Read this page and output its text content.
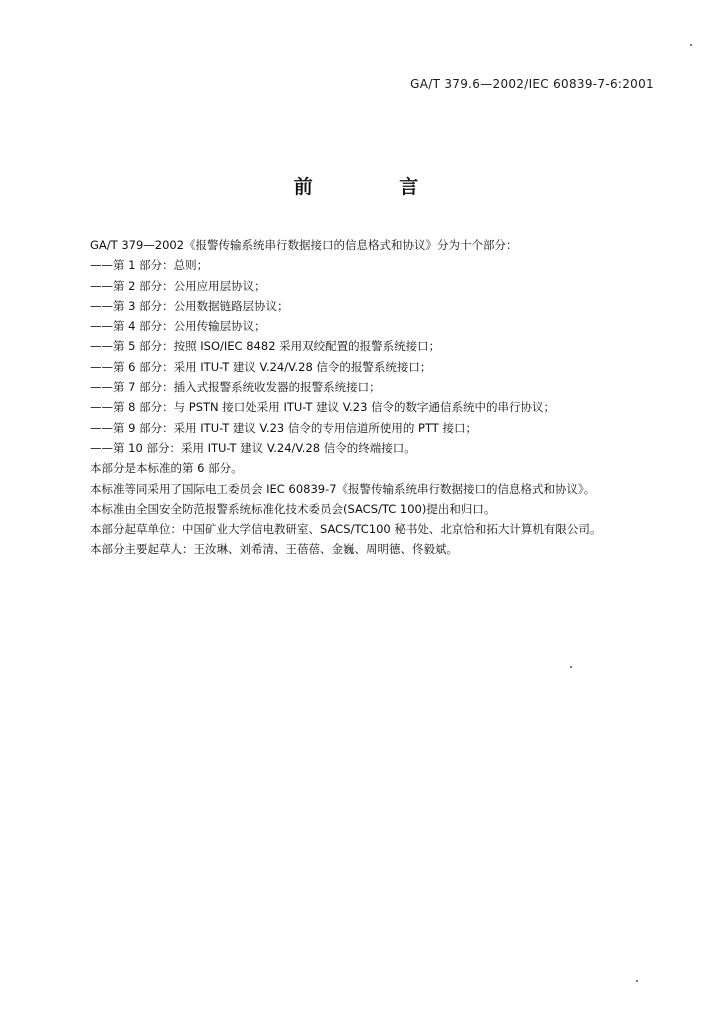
GA/T 379.6—2002/IEC 60839-7-6:2001
前 言
GA/T 379—2002《报警传输系统串行数据接口的信息格式和协议》分为十个部分：
——第 1 部分：总则；
——第 2 部分：公用应用层协议；
——第 3 部分：公用数据链路层协议；
——第 4 部分：公用传输层协议；
——第 5 部分：按照 ISO/IEC 8482 采用双绞配置的报警系统接口；
——第 6 部分：采用 ITU-T 建议 V.24/V.28 信令的报警系统接口；
——第 7 部分：插入式报警系统收发器的报警系统接口；
——第 8 部分：与 PSTN 接口处采用 ITU-T 建议 V.23 信令的数字通信系统中的串行协议；
——第 9 部分：采用 ITU-T 建议 V.23 信令的专用信道所使用的 PTT 接口；
——第 10 部分：采用 ITU-T 建议 V.24/V.28 信令的终端接口。
本部分是本标准的第 6 部分。
本标准等同采用了国际电工委员会 IEC 60839-7《报警传输系统串行数据接口的信息格式和协议》。
本标准由全国安全防范报警系统标准化技术委员会(SACS/TC 100)提出和归口。
本部分起草单位：中国矿业大学信电教研室、SACS/TC100 秘书处、北京恰和拓大计算机有限公司。
本部分主要起草人：王汝琳、刘希清、王蓓蓓、金巍、周明德、佟毅斌。
